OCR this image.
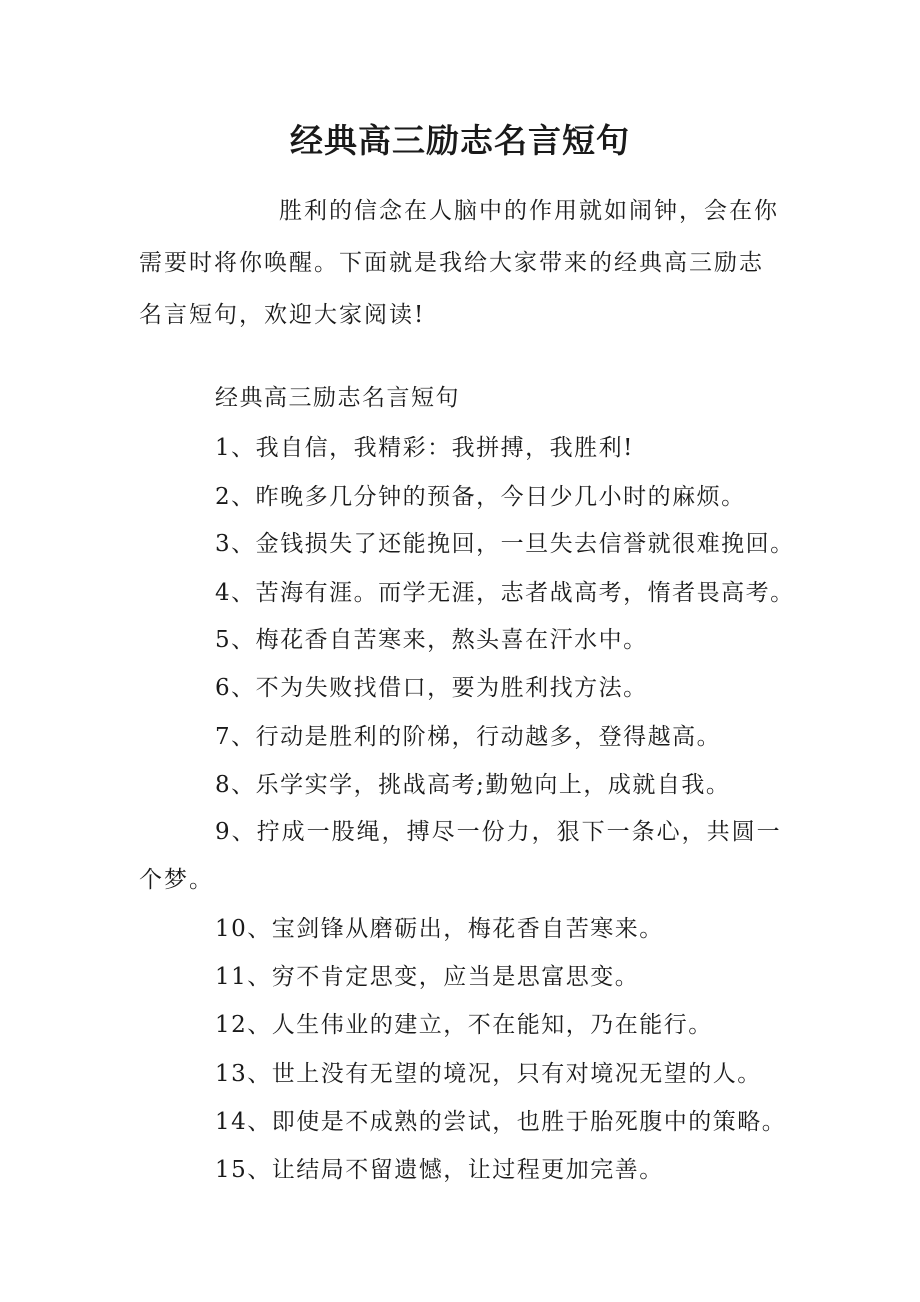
经典高三励志名言短句
胜利的信念在人脑中的作用就如闹钟，会在你需要时将你唤醒。下面就是我给大家带来的经典高三励志名言短句，欢迎大家阅读!
经典高三励志名言短句
1、我自信，我精彩：我拼搏，我胜利!
2、昨晚多几分钟的预备，今日少几小时的麻烦。
3、金钱损失了还能挽回，一旦失去信誉就很难挽回。
4、苦海有涯。而学无涯，志者战高考，惰者畏高考。
5、梅花香自苦寒来，熬头喜在汗水中。
6、不为失败找借口，要为胜利找方法。
7、行动是胜利的阶梯，行动越多，登得越高。
8、乐学实学，挑战高考;勤勉向上，成就自我。
9、拧成一股绳，搏尽一份力，狠下一条心，共圆一个梦。
10、宝剑锋从磨砺出，梅花香自苦寒来。
11、穷不肯定思变，应当是思富思变。
12、人生伟业的建立，不在能知，乃在能行。
13、世上没有无望的境况，只有对境况无望的人。
14、即使是不成熟的尝试，也胜于胎死腹中的策略。
15、让结局不留遗憾，让过程更加完善。
